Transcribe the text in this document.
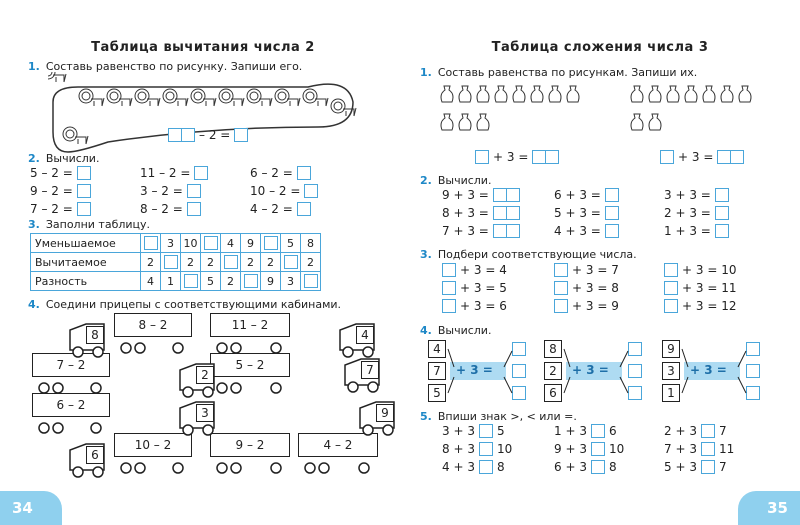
34	35
Таблица вычитания числа 2
1. Составь равенство по рисунку. Запиши его.
– 2 =
2. Вычисли.
5 – 2 =
9 – 2 =
7 – 2 =
11 – 2 =
3 – 2 =
8 – 2 =
6 – 2 =
10 – 2 =
4 – 2 =
3. Заполни таблицу.
Уменьшаемое		3	10		4	9		5	8
Вычитаемое	2		2	2		2	2		2
Разность	4	1		5	2		9	3	
4. Соедини прицепы с соответствующими кабинами.
8 – 2	11 – 2
7 – 2	5 – 2
6 – 2
10 – 2	9 – 2	4 – 2
8	4
2	7
3	9
6
Таблица сложения числа 3
1. Составь равенства по рисункам. Запиши их.
+ 3 =	+ 3 =
2. Вычисли.
9 + 3 =
8 + 3 =
7 + 3 =
6 + 3 =
5 + 3 =
4 + 3 =
3 + 3 =
2 + 3 =
1 + 3 =
3. Подбери соответствующие числа.
+ 3 = 4
+ 3 = 5
+ 3 = 6
+ 3 = 7
+ 3 = 8
+ 3 = 9
+ 3 = 10
+ 3 = 11
+ 3 = 12
4. Вычисли.
+ 3 =
4
7
5
+ 3 =
8
2
6
+ 3 =
9
3
1
5. Впиши знак >, < или =.
3 + 3 5
8 + 3 10
4 + 3 8
1 + 3 6
9 + 3 10
6 + 3 8
2 + 3 7
7 + 3 11
5 + 3 7
